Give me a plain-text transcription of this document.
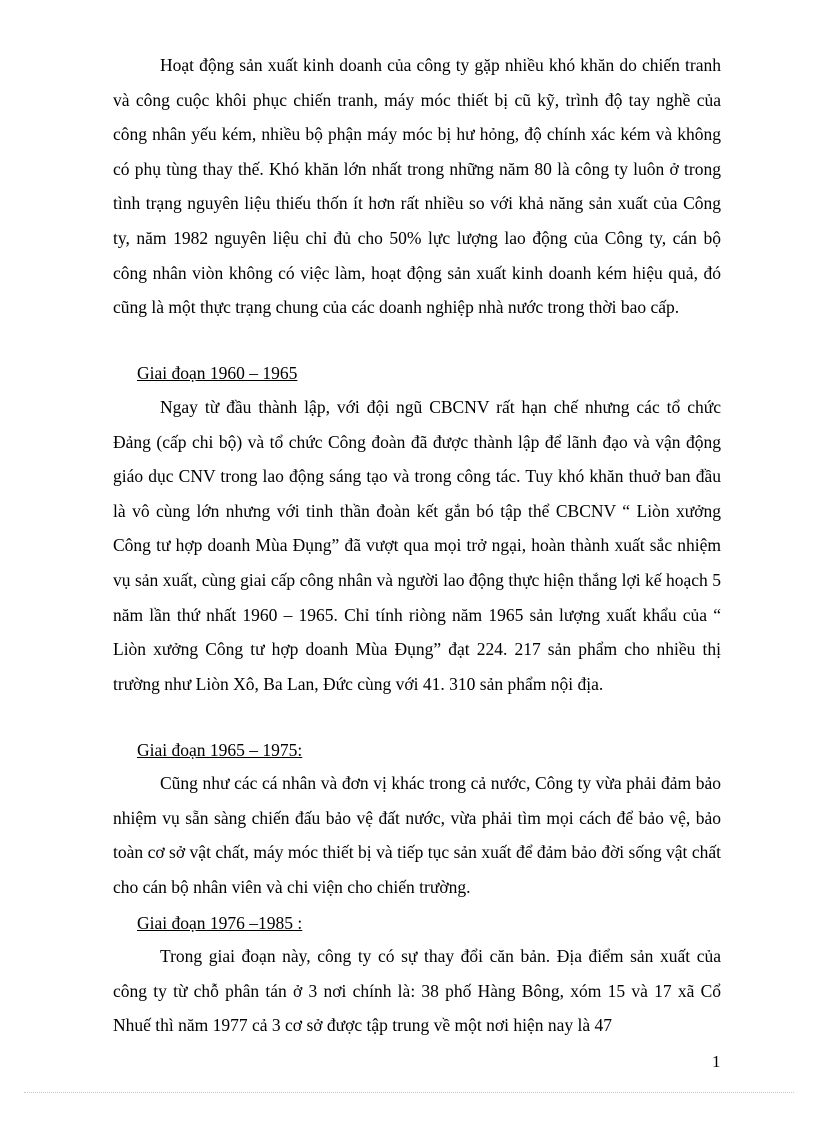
Hoạt động sản xuất kinh doanh của công ty gặp nhiều khó khăn do chiến tranh và công cuộc khôi phục chiến tranh, máy móc thiết bị cũ kỹ, trình độ tay nghề của công nhân yếu kém, nhiều bộ phận máy móc bị hư hỏng, độ chính xác kém và không có phụ tùng thay thế. Khó khăn lớn nhất trong những năm 80 là công ty luôn ở trong tình trạng nguyên liệu thiếu thốn ít hơn rất nhiều so với khả năng sản xuất của Công ty, năm 1982 nguyên liệu chỉ đủ cho 50% lực lượng lao động của Công ty, cán bộ công nhân viòn không có việc làm, hoạt động sản xuất kinh doanh kém hiệu quả, đó cũng là một thực trạng chung của các doanh nghiệp nhà nước trong thời bao cấp.

Giai đoạn 1960 – 1965

Ngay từ đầu thành lập, với đội ngũ CBCNV rất hạn chế nhưng các tổ chức Đảng (cấp chi bộ) và tổ chức Công đoàn đã được thành lập để lãnh đạo và vận động giáo dục CNV trong lao động sáng tạo và trong công tác. Tuy khó khăn thuở ban đầu là vô cùng lớn nhưng với tinh thần đoàn kết gắn bó tập thể CBCNV “ Liòn xưởng Công tư hợp doanh Mùa Đụng” đã vượt qua mọi trở ngại, hoàn thành xuất sắc nhiệm vụ sản xuất, cùng giai cấp công nhân và người lao động thực hiện thắng lợi kế hoạch 5 năm lần thứ nhất 1960 – 1965. Chỉ tính riòng năm 1965 sản lượng xuất khẩu của “ Liòn xưởng Công tư hợp doanh Mùa Đụng” đạt 224. 217 sản phẩm cho nhiều thị trường như Liòn Xô, Ba Lan, Đức cùng với 41. 310 sản phẩm nội địa.

Giai đoạn 1965 – 1975:

Cũng như các cá nhân và đơn vị khác trong cả nước, Công ty vừa phải đảm bảo nhiệm vụ sẵn sàng chiến đấu bảo vệ đất nước, vừa phải tìm mọi cách để bảo vệ, bảo toàn cơ sở vật chất, máy móc thiết bị và tiếp tục sản xuất để đảm bảo đời sống vật chất cho cán bộ nhân viên và chi viện cho chiến trường.

Giai đoạn 1976 –1985 :

Trong giai đoạn này, công ty có sự thay đổi căn bản. Địa điểm sản xuất của công ty từ chỗ phân tán ở 3 nơi chính là: 38 phố Hàng Bông, xóm 15 và 17 xã Cổ Nhuế thì năm 1977 cả 3 cơ sở được tập trung về một nơi hiện nay là 47

1
